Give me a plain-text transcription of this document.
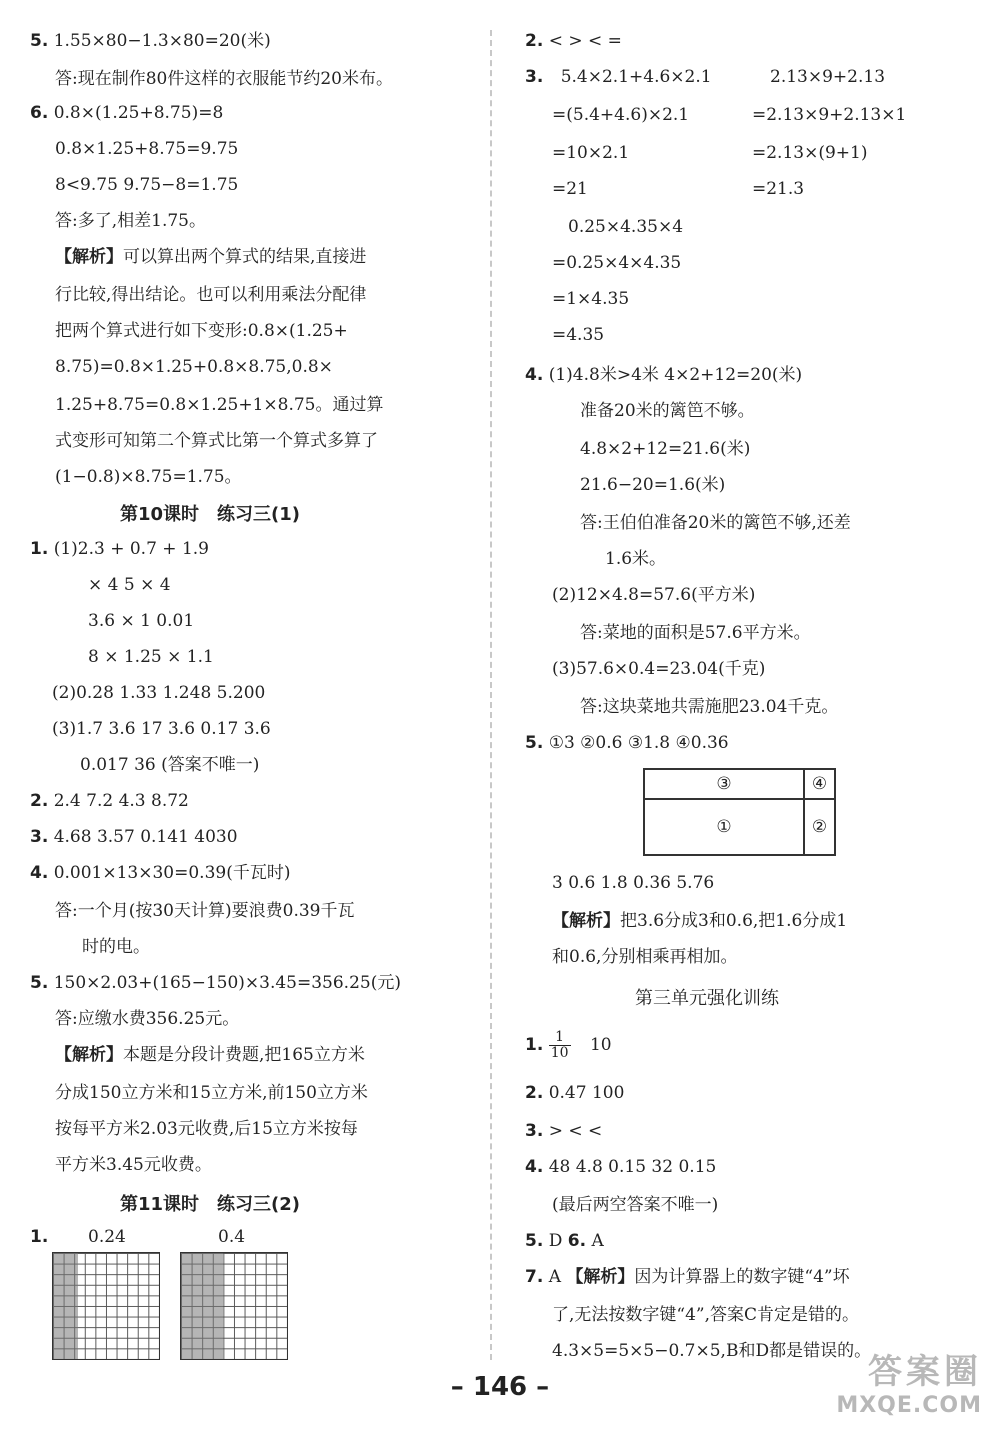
5. 1.55×80−1.3×80=20(米)
答:现在制作80件这样的衣服能节约20米布。
6. 0.8×(1.25+8.75)=8
0.8×1.25+8.75=9.75
8<9.75 9.75−8=1.75
答:多了,相差1.75。
【解析】可以算出两个算式的结果,直接进
行比较,得出结论。也可以利用乘法分配律
把两个算式进行如下变形:0.8×(1.25+
8.75)=0.8×1.25+0.8×8.75,0.8×
1.25+8.75=0.8×1.25+1×8.75。通过算
式变形可知第二个算式比第一个算式多算了
(1−0.8)×8.75=1.75。
第10课时　练习三(1)
1. (1)2.3 + 0.7 + 1.9
× 4 5 × 4
3.6 × 1 0.01
8 × 1.25 × 1.1
(2)0.28 1.33 1.248 5.200
(3)1.7 3.6 17 3.6 0.17 3.6
0.017 36 (答案不唯一)
2. 2.4 7.2 4.3 8.72
3. 4.68 3.57 0.141 4030
4. 0.001×13×30=0.39(千瓦时)
答:一个月(按30天计算)要浪费0.39千瓦
时的电。
5. 150×2.03+(165−150)×3.45=356.25(元)
答:应缴水费356.25元。
【解析】本题是分段计费题,把165立方米
分成150立方米和15立方米,前150立方米
按每平方米2.03元收费,后15立方米按每
平方米3.45元收费。
第11课时　练习三(2)
1. 0.24	0.4
2. < > < =
3. 5.4×2.1+4.6×2.1	2.13×9+2.13
=(5.4+4.6)×2.1	=2.13×9+2.13×1
=10×2.1	=2.13×(9+1)
=21	=21.3
0.25×4.35×4
=0.25×4×4.35
=1×4.35
=4.35
4. (1)4.8米>4米 4×2+12=20(米)
准备20米的篱笆不够。
4.8×2+12=21.6(米)
21.6−20=1.6(米)
答:王伯伯准备20米的篱笆不够,还差
1.6米。
(2)12×4.8=57.6(平方米)
答:菜地的面积是57.6平方米。
(3)57.6×0.4=23.04(千克)
答:这块菜地共需施肥23.04千克。
5. ①3 ②0.6 ③1.8 ④0.36
③	④
①	②
3 0.6 1.8 0.36 5.76
【解析】把3.6分成3和0.6,把1.6分成1
和0.6,分别相乘再相加。
第三单元强化训练
1. $\frac{1}{10} 10$
2. 0.47 100
3. > < <
4. 48 4.8 0.15 32 0.15
(最后两空答案不唯一)
5. D 6. A
7. A 【解析】因为计算器上的数字键“4”坏
了,无法按数字键“4”,答案C肯定是错的。
4.3×5=5×5−0.7×5,B和D都是错误的。
– 146 –	答案圈
MXQE.COM
